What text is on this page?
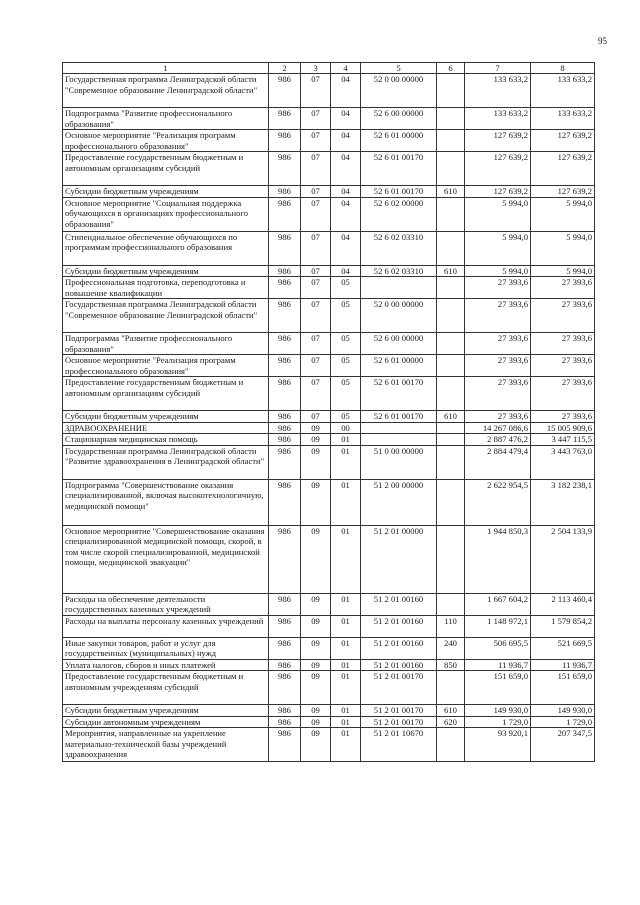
95
1	2	3	4	5	6	7	8
Государственная программа Ленинградской области "Современное образование Ленинградской области"	986	07	04	52 0 00 00000		133 633,2	133 633,2
Подпрограмма "Развитие профессионального образования"	986	07	04	52 6 00 00000		133 633,2	133 633,2
Основное мероприятие "Реализация программ профессионального образования"	986	07	04	52 6 01 00000		127 639,2	127 639,2
Предоставление государственным бюджетным и автономным организациям субсидий	986	07	04	52 6 01 00170		127 639,2	127 639,2
Субсидии бюджетным учреждениям	986	07	04	52 6 01 00170	610	127 639,2	127 639,2
Основное мероприятие "Социальная поддержка обучающихся в организациях профессионального образования"	986	07	04	52 6 02 00000		5 994,0	5 994,0
Стипендиальное обеспечение обучающихся по программам профессионального образования	986	07	04	52 6 02 03310		5 994,0	5 994,0
Субсидии бюджетным учреждениям	986	07	04	52 6 02 03310	610	5 994,0	5 994,0
Профессиональная подготовка, переподготовка и повышение квалификации	986	07	05			27 393,6	27 393,6
Государственная программа Ленинградской области "Современное образование Ленинградской области"	986	07	05	52 0 00 00000		27 393,6	27 393,6
Подпрограмма "Развитие профессионального образования"	986	07	05	52 6 00 00000		27 393,6	27 393,6
Основное мероприятие "Реализация программ профессионального образования"	986	07	05	52 6 01 00000		27 393,6	27 393,6
Предоставление государственным бюджетным и автономным организациям субсидий	986	07	05	52 6 01 00170		27 393,6	27 393,6
Субсидии бюджетным учреждениям	986	07	05	52 6 01 00170	610	27 393,6	27 393,6
ЗДРАВООХРАНЕНИЕ	986	09	00			14 267 086,6	15 005 909,6
Стационарная медицинская помощь	986	09	01			2 887 476,2	3 447 115,5
Государственная программа Ленинградской области "Развитие здравоохранения в Ленинградской области"	986	09	01	51 0 00 00000		2 884 479,4	3 443 763,0
Подпрограмма "Совершенствование оказания специализированной, включая высокотехнологичную, медицинской помощи"	986	09	01	51 2 00 00000		2 622 954,5	3 182 238,1
Основное мероприятие "Совершенствование оказания специализированной медицинской помощи, скорой, в том числе скорой специализированной, медицинской помощи, медицинской эвакуации"	986	09	01	51 2 01 00000		1 944 850,3	2 504 133,9
Расходы на обеспечение деятельности государственных казенных учреждений	986	09	01	51 2 01 00160		1 667 604,2	2 113 460,4
Расходы на выплаты персоналу казенных учреждений	986	09	01	51 2 01 00160	110	1 148 972,1	1 579 854,2
Иные закупки товаров, работ и услуг для государственных (муниципальных) нужд	986	09	01	51 2 01 00160	240	506 695,5	521 669,5
Уплата налогов, сборов и иных платежей	986	09	01	51 2 01 00160	850	11 936,7	11 936,7
Предоставление государственным бюджетным и автономным учреждениям субсидий	986	09	01	51 2 01 00170		151 659,0	151 659,0
Субсидии бюджетным учреждениям	986	09	01	51 2 01 00170	610	149 930,0	149 930,0
Субсидии автономным учреждениям	986	09	01	51 2 01 00170	620	1 729,0	1 729,0
Мероприятия, направленные на укрепление материально-технической базы учреждений здравоохранения	986	09	01	51 2 01 10670		93 920,1	207 347,5
